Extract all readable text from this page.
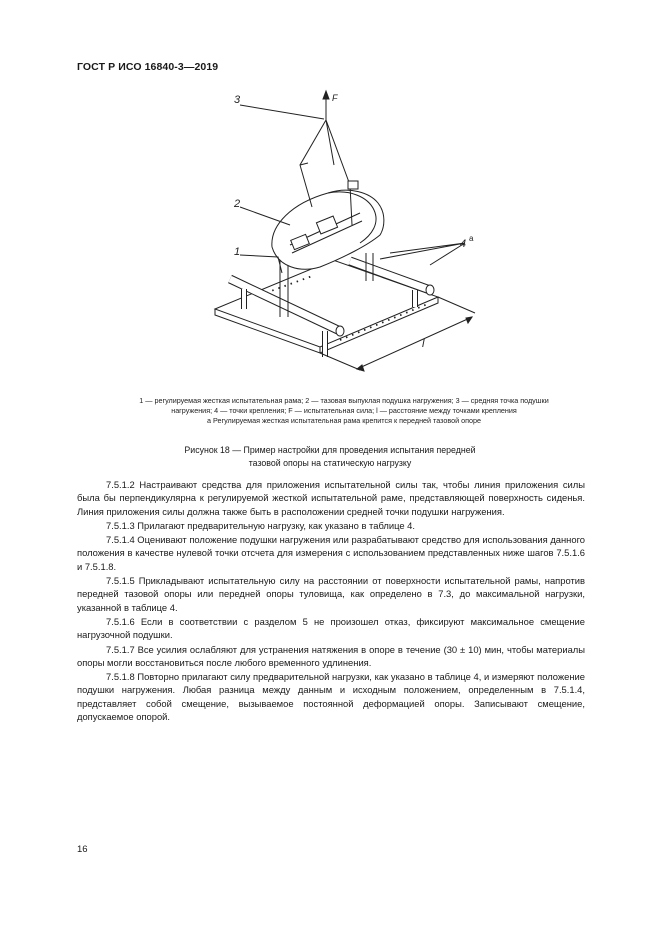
ГОСТ Р ИСО 16840-3—2019
3	F
2
1
4 а
l
1 — регулируемая жесткая испытательная рама; 2 — тазовая выпуклая подушка нагружения; 3 — средняя точка подушки
нагружения; 4 — точки крепления; F — испытательная сила; l — расстояние между точками крепления
а Регулируемая жесткая испытательная рама крепится к передней тазовой опоре
Рисунок 18 — Пример настройки для проведения испытания передней
тазовой опоры на статическую нагрузку

7.5.1.2 Настраивают средства для приложения испытательной силы так, чтобы линия приложения силы была бы перпендикулярна к регулируемой жесткой испытательной раме, представляющей поверхность сиденья. Линия приложения силы должна также быть в расположении средней точки подушки нагружения.

7.5.1.3 Прилагают предварительную нагрузку, как указано в таблице 4.

7.5.1.4 Оценивают положение подушки нагружения или разрабатывают средство для использования данного положения в качестве нулевой точки отсчета для измерения с использованием представленных ниже шагов 7.5.1.6 и 7.5.1.8.

7.5.1.5 Прикладывают испытательную силу на расстоянии от поверхности испытательной рамы, напротив передней тазовой опоры или передней опоры туловища, как определено в 7.3, до максимальной нагрузки, указанной в таблице 4.

7.5.1.6 Если в соответствии с разделом 5 не произошел отказ, фиксируют максимальное смещение нагрузочной подушки.

7.5.1.7 Все усилия ослабляют для устранения натяжения в опоре в течение (30 ± 10) мин, чтобы материалы опоры могли восстановиться после любого временного удлинения.

7.5.1.8 Повторно прилагают силу предварительной нагрузки, как указано в таблице 4, и измеряют положение подушки нагружения. Любая разница между данным и исходным положением, определенным в 7.5.1.4, представляет собой смещение, вызываемое постоянной деформацией опоры. Записывают смещение, допускаемое опорой.

16
